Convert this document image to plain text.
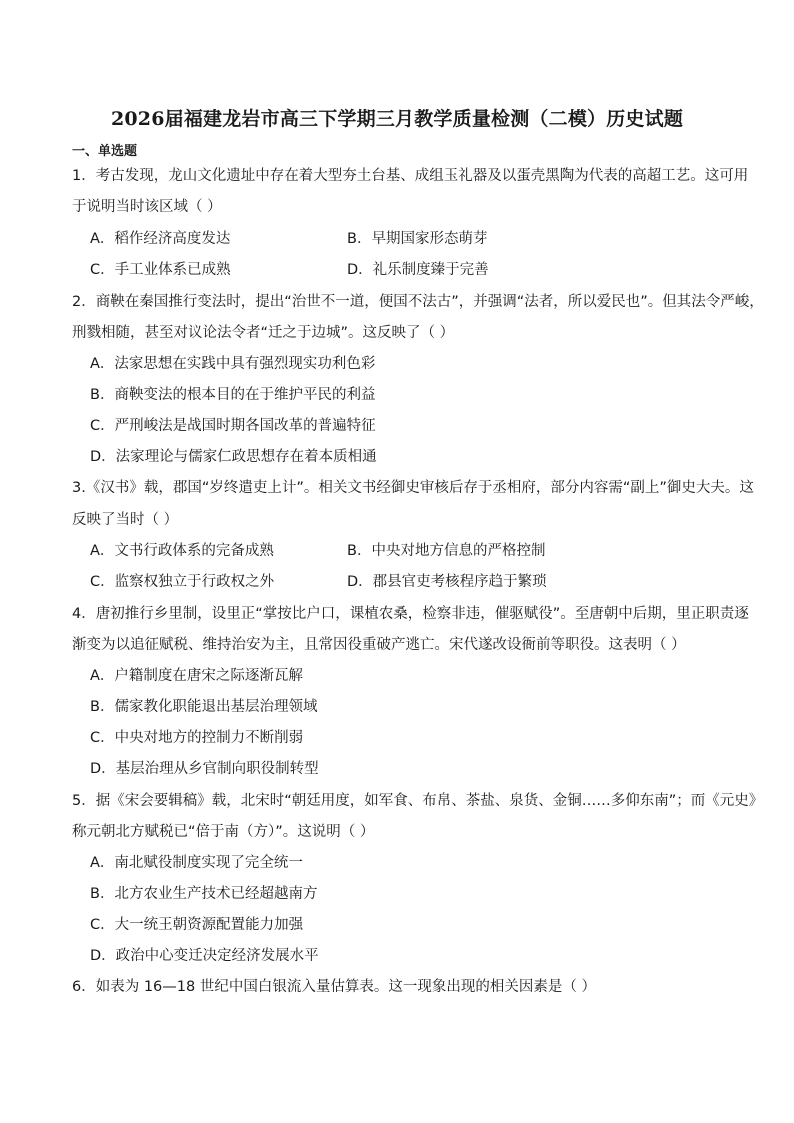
2026届福建龙岩市高三下学期三月教学质量检测（二模）历史试题
一、单选题
1．考古发现，龙山文化遗址中存在着大型夯土台基、成组玉礼器及以蛋壳黑陶为代表的高超工艺。这可用
于说明当时该区域（ ）
A．稻作经济高度发达	B．早期国家形态萌芽
C．手工业体系已成熟	D．礼乐制度臻于完善
2．商鞅在秦国推行变法时，提出“治世不一道，便国不法古”，并强调“法者，所以爱民也”。但其法令严峻，
刑戮相随，甚至对议论法令者“迁之于边城”。这反映了（ ）
A．法家思想在实践中具有强烈现实功利色彩
B．商鞅变法的根本目的在于维护平民的利益
C．严刑峻法是战国时期各国改革的普遍特征
D．法家理论与儒家仁政思想存在着本质相通
3.《汉书》载，郡国“岁终遣吏上计”。相关文书经御史审核后存于丞相府，部分内容需“副上”御史大夫。这
反映了当时（ ）
A．文书行政体系的完备成熟	B．中央对地方信息的严格控制
C．监察权独立于行政权之外	D．郡县官吏考核程序趋于繁琐
4．唐初推行乡里制，设里正“掌按比户口，课植农桑，检察非违，催驱赋役”。至唐朝中后期，里正职责逐
渐变为以追征赋税、维持治安为主，且常因役重破产逃亡。宋代遂改设衙前等职役。这表明（ ）
A．户籍制度在唐宋之际逐渐瓦解
B．儒家教化职能退出基层治理领域
C．中央对地方的控制力不断削弱
D．基层治理从乡官制向职役制转型
5．据《宋会要辑稿》载，北宋时“朝廷用度，如军食、布帛、茶盐、泉货、金铜……多仰东南”；而《元史》
称元朝北方赋税已“倍于南（方）”。这说明（ ）
A．南北赋役制度实现了完全统一
B．北方农业生产技术已经超越南方
C．大一统王朝资源配置能力加强
D．政治中心变迁决定经济发展水平
6．如表为 16—18 世纪中国白银流入量估算表。这一现象出现的相关因素是（ ）
